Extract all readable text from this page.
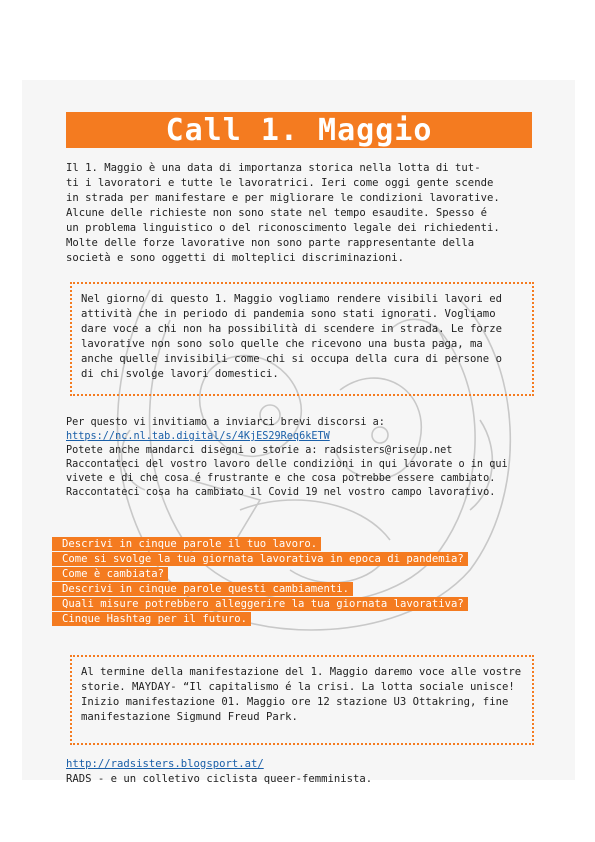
Call 1. Maggio
Il 1. Maggio è una data di importanza storica nella lotta di tut-
ti i lavoratori e tutte le lavoratrici. Ieri come oggi gente scende
in strada per manifestare e per migliorare le condizioni lavorative.
Alcune delle richieste non sono state nel tempo esaudite. Spesso é
un problema linguistico o del riconoscimento legale dei richiedenti.
Molte delle forze lavorative non sono parte rappresentante della
società e sono oggetti di molteplici discriminazioni.
Nel giorno di questo 1. Maggio vogliamo rendere visibili lavori ed
attività che in periodo di pandemia sono stati ignorati. Vogliamo
dare voce a chi non ha possibilità di scendere in strada. Le forze
lavorative non sono solo quelle che ricevono una busta paga, ma
anche quelle invisibili come chi si occupa della cura di persone o
di chi svolge lavori domestici.
Per questo vi invitiamo a inviarci brevi discorsi a:
https://nc.nl.tab.digital/s/4KjES29Req6kETW
Potete anche mandarci disegni o storie a: radsisters@riseup.net
Raccontateci del vostro lavoro delle condizioni in qui lavorate o in qui
vivete e di che cosa é frustrante e che cosa potrebbe essere cambiato.
Raccontateci cosa ha cambiato il Covid 19 nel vostro campo lavorativo.
Descrivi in cinque parole il tuo lavoro.
Come si svolge la tua giornata lavorativa in epoca di pandemia?
Come è cambiata?
Descrivi in cinque parole questi cambiamenti.
Quali misure potrebbero alleggerire la tua giornata lavorativa?
Cinque Hashtag per il futuro.
Al termine della manifestazione del 1. Maggio daremo voce alle vostre
storie. MAYDAY- “Il capitalismo é la crisi. La lotta sociale unisce!
Inizio manifestazione 01. Maggio ore 12 stazione U3 Ottakring, fine
manifestazione Sigmund Freud Park.
http://radsisters.blogsport.at/
RADS - e un colletivo ciclista queer-femminista.
